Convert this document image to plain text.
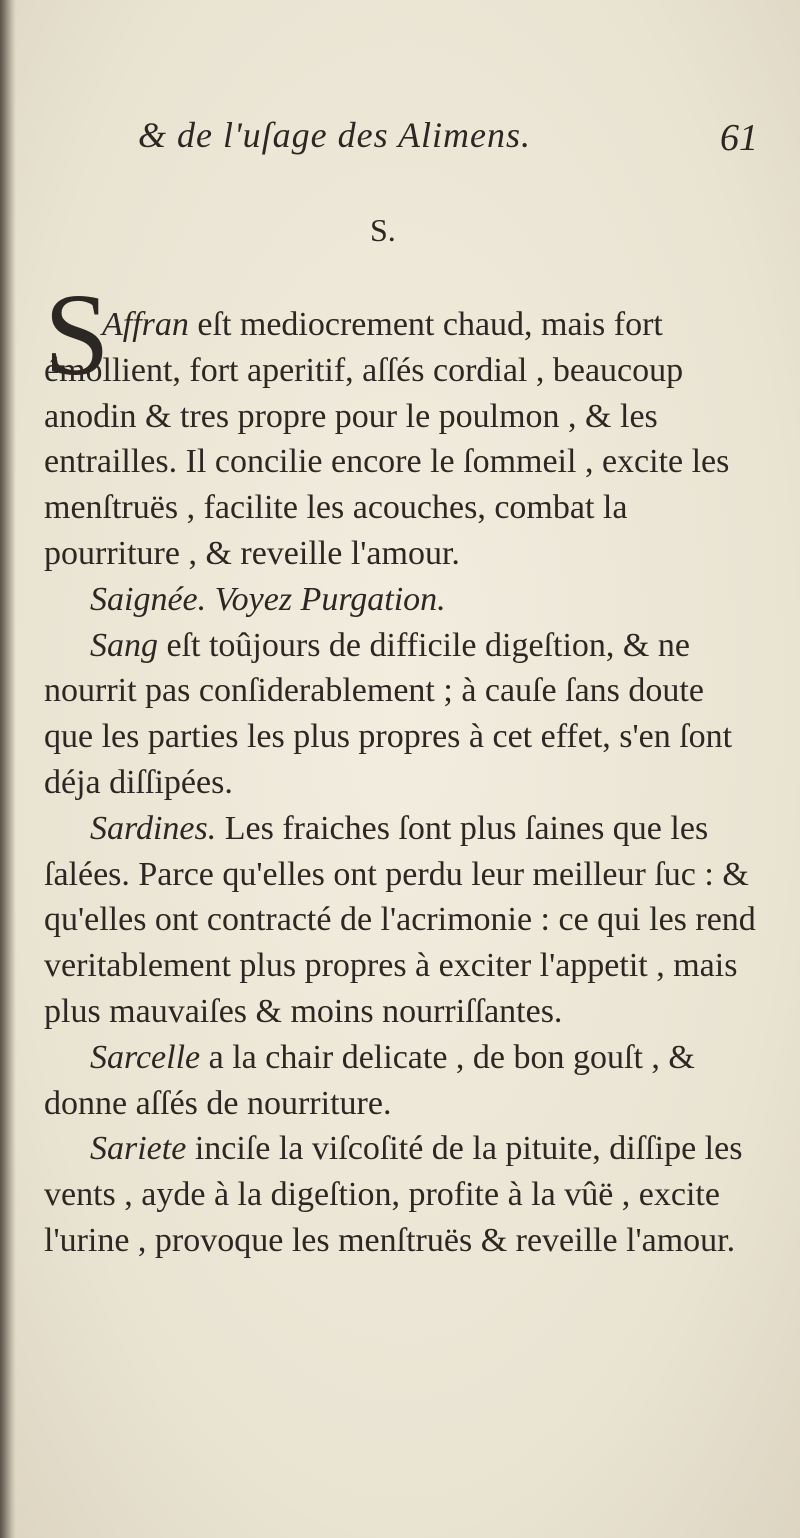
& de l'uſage des Alimens.	61
S.
S

Affran eſt mediocrement chaud, mais fort émollient, fort aperitif, aſſés cordial , beaucoup anodin & tres propre pour le poulmon , & les entrailles. Il concilie encore le ſommeil , excite les menſtruës , facilite les acouches, combat la pourriture , & reveille l'amour.

Saignée. Voyez Purgation.

Sang eſt toûjours de difficile digeſtion, & ne nourrit pas conſiderablement ; à cauſe ſans doute que les parties les plus propres à cet effet, s'en ſont déja diſſipées.

Sardines. Les fraiches ſont plus ſaines que les ſalées. Parce qu'elles ont perdu leur meilleur ſuc : & qu'elles ont contracté de l'acrimonie : ce qui les rend veritablement plus propres à exciter l'appetit , mais plus mauvaiſes & moins nourriſſantes.

Sarcelle a la chair delicate , de bon gouſt , & donne aſſés de nourriture.

Sariete inciſe la viſcoſité de la pituite, diſſipe les vents , ayde à la digeſtion, profite à la vûë , excite l'urine , provoque les menſtruës & reveille l'amour.
